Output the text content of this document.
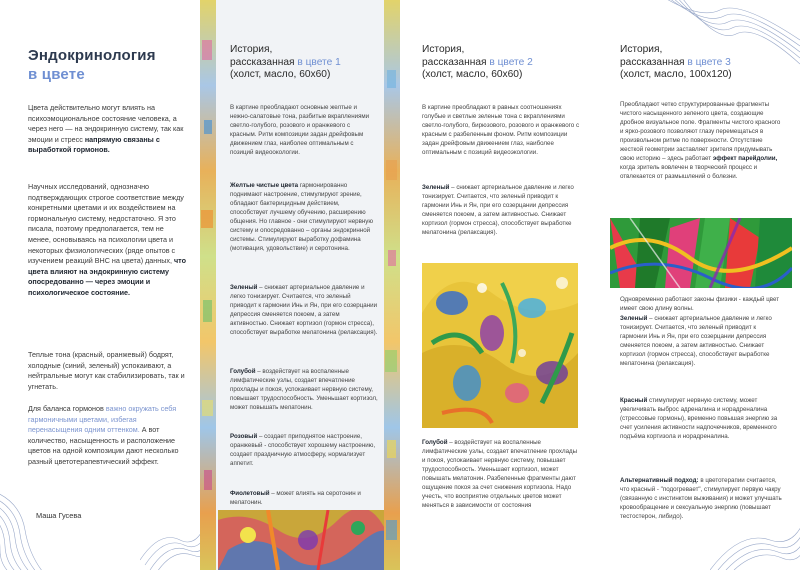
Эндокринология
в цвете
Цвета действительно могут влиять на психоэмоциональное состояние человека, а через него — на эндокринную систему, так как эмоции и стресс напрямую связаны с выработкой гормонов.
Научных исследований, однозначно подтверждающих строгое соответствие между конкретными цветами и их воздействием на гормональную систему, недостаточно. Я это писала, поэтому предполагается, тем не менее, основываясь на психологии цвета и некоторых физиологических (ряде опытов с изучением реакций ВНС на цвета) данных, что цвета влияют на эндокринную систему опосредованно — через эмоции и психологическое состояние.
Теплые тона (красный, оранжевый) бодрят, холодные (синий, зеленый) успокаивают, а нейтральные могут как стабилизировать, так и угнетать.
Для баланса гормонов важно окружать себя гармоничными цветами, избегая перенасыщения одним оттенком. А вот количество, насыщенность и расположение цветов на одной композиции дают несколько разный цветотерапевтический эффект.
Маша Гусева
История,
рассказанная в цвете 1
(холст, масло, 60х60)
В картине преобладают основные желтые и нежно-салатовые тона, разбитые вкраплениями светло-голубого, розового и оранжевого с красным. Ритм композиции задан дрейфовым движением глаз, наиболее оптимальным с позиций видеоокологии.
Желтые чистые цвета гармонированно поднимают настроение, стимулируют зрение, обладают бактерицидным действием, способствует лучшему обучению, расширению общения. Но главное - они стимулируют нервную систему и опосредованно – органы эндокринной системы. Стимулируют выработку дофамина (мотивация, удовольствие) и серотонина.
Зеленый – снижает артериальное давление и легко тонизирует. Считается, что зеленый приводит к гармонии Инь и Ян, при его созерцании депрессия сменяется покоем, а затем активностью. Снижает кортизол (гормон стресса), способствует выработке мелатонина (релаксация).
Голубой – воздействует на воспаленные лимфатические узлы, создает впечатление прохлады и покоя, успокаивает нервную систему, повышает трудоспособность. Уменьшает кортизол, может повышать мелатонин.
Розовый – создает приподнятое настроение, оранжевый - способствует хорошему настроению, создает праздничную атмосферу, нормализует аппетит.
Фиолетовый – может влиять на серотонин и мелатонин.
История,
рассказанная в цвете 2
(холст, масло, 60х60)
В картине преобладают в равных соотношениях голубые и светлые зеленые тона с вкраплениями светло-голубого, бирюзового, розового и оранжевого с красным с разбеленным фоном. Ритм композиции задан дрейфовым движением глаз, наиболее оптимальным с позиций видеоэкологии.
Зеленый – снижает артериальное давление и легко тонизирует. Считается, что зеленый приводит к гармонии Инь и Ян, при его созерцании депрессия сменяется покоем, а затем активностью. Снижает кортизол (гормон стресса), способствует выработке мелатонина (релаксация).
Голубой – воздействует на воспаленные лимфатические узлы, создает впечатление прохлады и покоя, успокаивает нервную систему, повышает трудоспособность. Уменьшает кортизол, может повышать мелатонин. Разбеленные фрагменты дают ощущение покоя за счет снижения кортизола. Надо учесть, что восприятие отдельных цветов может меняться в зависимости от состояния
История,
рассказанная в цвете 3
(холст, масло, 100х120)
Преобладают четко структурированные фрагменты чистого насыщенного зеленого цвета, создающие дробное визуальное поле. Фрагменты чистого красного и ярко-розового позволяют глазу перемещаться в произвольном ритме по поверхности. Отсутствие жесткой геометрии заставляет зрителя придумывать свою историю – здесь работает эффект парейдолии, когда зритель вовлечен в творческий процесс и отвлекается от размышлений о болезни.
Одновременно работают законы физики - каждый цвет имеет свою длину волны.
Зеленый – снижает артериальное давление и легко тонизирует. Считается, что зеленый приводит к гармонии Инь и Ян, при его созерцании депрессия сменяется покоем, а затем активностью. Снижает кортизол (гормон стресса), способствует выработке мелатонина (релаксация).
Красный стимулирует нервную систему, может увеличивать выброс адреналина и норадреналина (стрессовые гормоны), временно повышая энергию за счет усиления активности надпочечников, временного подъёма кортизола и норадреналина.
Альтернативный подход: в цветотерапии считается, что красный - "подогревает", стимулирует первую чакру (связанную с инстинктом выживания) и может улучшать кровообращение и сексуальную энергию (повышает тестостерон, либидо).
